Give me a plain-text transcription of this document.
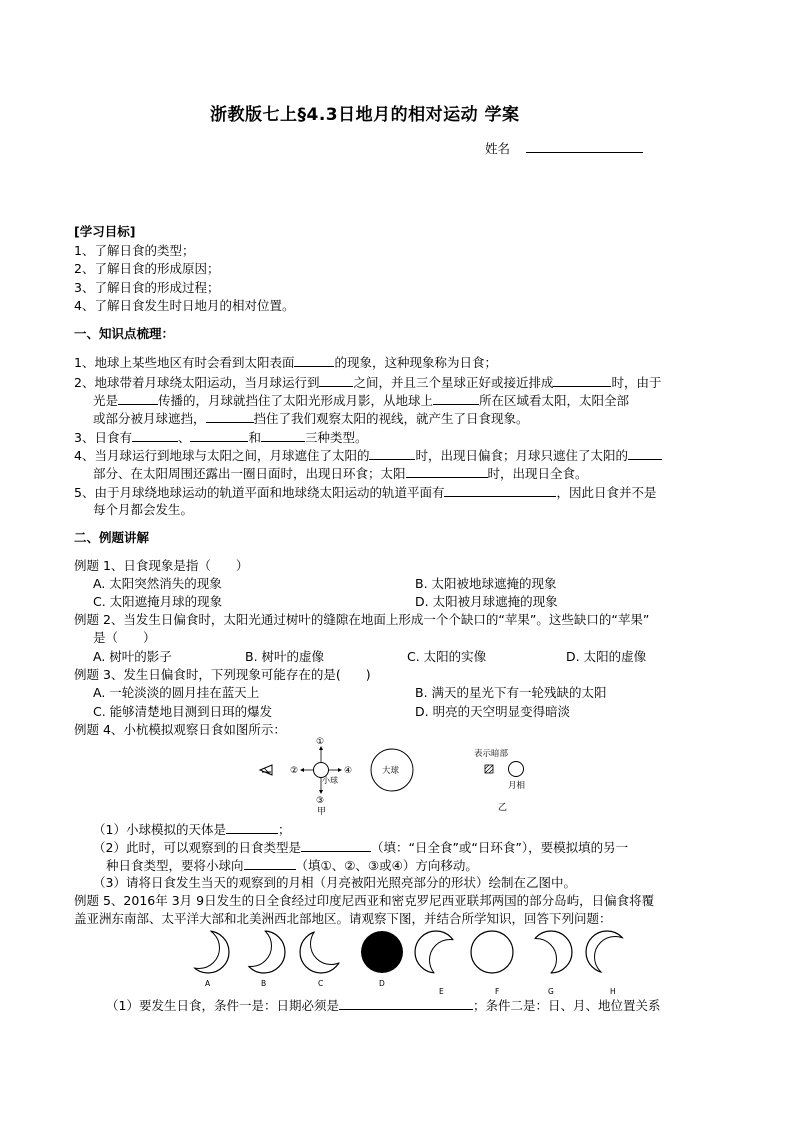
浙教版七上§4.3日地月的相对运动 学案
姓名
[学习目标]
1、了解日食的类型；
2、了解日食的形成原因；
3、了解日食的形成过程；
4、了解日食发生时日地月的相对位置。
一、知识点梳理：
1、地球上某些地区有时会看到太阳表面	的现象，这种现象称为日食；
2、地球带着月球绕太阳运动，当月球运行到	之间，并且三个星球正好或接近排成	时，由于
光是	传播的，月球就挡住了太阳光形成月影，从地球上	所在区域看太阳，太阳全部
或部分被月球遮挡，	挡住了我们观察太阳的视线，就产生了日食现象。
3、日食有	、	和	三种类型。
4、当月球运行到地球与太阳之间，月球遮住了太阳的	时，出现日偏食；月球只遮住了太阳的
部分、在太阳周围还露出一圈日面时，出现日环食；太阳	时，出现日全食。
5、由于月球绕地球运动的轨道平面和地球绕太阳运动的轨道平面有	，因此日食并不是
每个月都会发生。
二、例题讲解
例题 1、日食现象是指（　　）
A. 太阳突然消失的现象	B. 太阳被地球遮掩的现象
C. 太阳遮掩月球的现象	D. 太阳被月球遮掩的现象
例题 2、当发生日偏食时，太阳光通过树叶的缝隙在地面上形成一个个缺口的“苹果”。这些缺口的“苹果”
是（　　）
A. 树叶的影子	B. 树叶的虚像	C. 太阳的实像	D. 太阳的虚像
例题 3、发生日偏食时，下列现象可能存在的是(　　)
A. 一轮淡淡的圆月挂在蓝天上	B. 满天的星光下有一轮残缺的太阳
C. 能够清楚地目测到日珥的爆发	D. 明亮的天空明显变得暗淡
例题 4、小杭模拟观察日食如图所示：
①
②
③
④
小球
大球
甲
表示暗部
月相
乙
（1）小球模拟的天体是	；
（2）此时，可以观察到的日食类型是	（填：“日全食”或“日环食”），要模拟填的另一
种日食类型，要将小球向	（填①、②、③或④）方向移动。
（3）请将日食发生当天的观察到的月相（月亮被阳光照亮部分的形状）绘制在乙图中。
例题 5、2016年 3月 9日发生的日全食经过印度尼西亚和密克罗尼西亚联邦两国的部分岛屿，日偏食将覆
盖亚洲东南部、太平洋大部和北美洲西北部地区。请观察下图，并结合所学知识，回答下列问题：
A	B	C	D
E	F	G	H
（1）要发生日食，条件一是：日期必须是	；条件二是：日、月、地位置关系
